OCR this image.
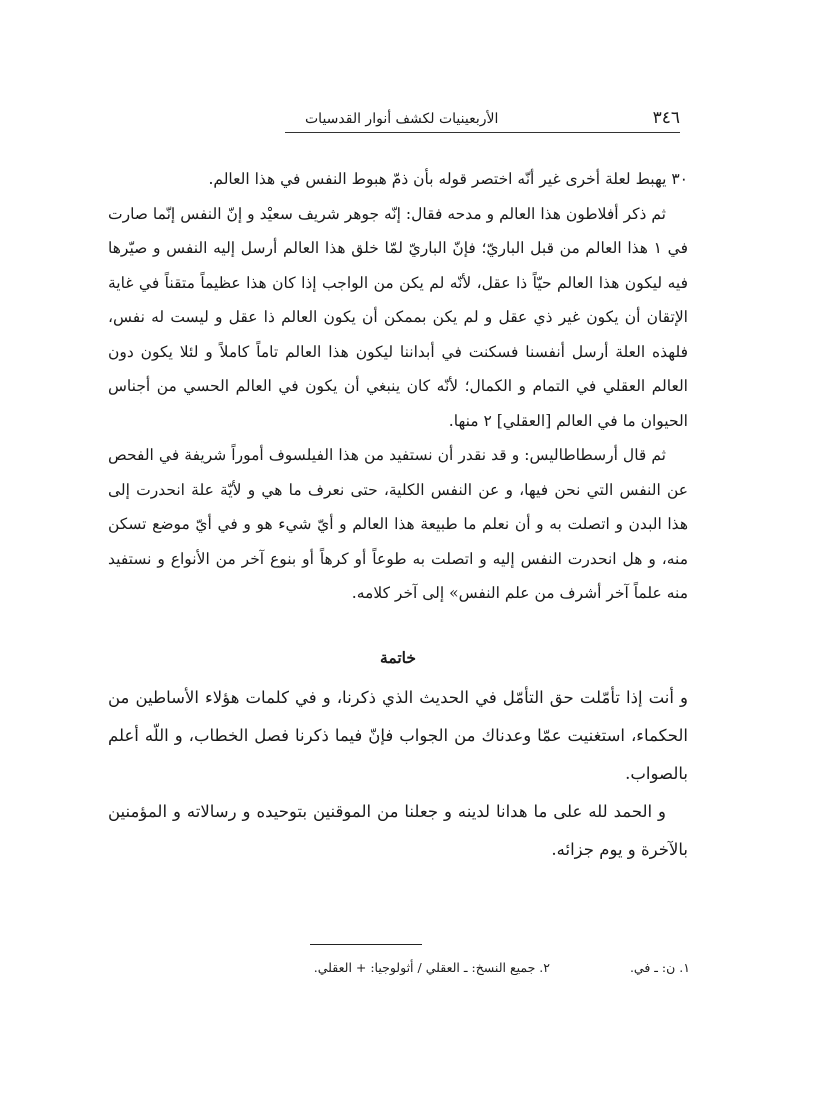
٣٤٦
الأربعينيات لكشف أنوار القدسيات

٣٠ يهبط لعلة أخرى غير أنّه اختصر قوله بأن ذمّ هبوط النفس في هذا العالم.

ثم ذكر أفلاطون هذا العالم و مدحه فقال: إنّه جوهر شريف سعيْد و إنّ النفس إنّما صارت في ١ هذا العالم من قبل الباريّ؛ فإنّ الباريّ لمّا خلق هذا العالم أرسل إليه النفس و صيّرها فيه ليكون هذا العالم حيّاً ذا عقل، لأنّه لم يكن من الواجب إذا كان هذا عظيماً متقناً في غاية الإتقان أن يكون غير ذي عقل و لم يكن بممكن أن يكون العالم ذا عقل و ليست له نفس، فلهذه العلة أرسل أنفسنا فسكنت في أبداننا ليكون هذا العالم تاماً كاملاً و لئلا يكون دون العالم العقلي في التمام و الكمال؛ لأنّه كان ينبغي أن يكون في العالم الحسي من أجناس الحيوان ما في العالم [العقلي] ٢ منها.

ثم قال أرسطاطاليس: و قد نقدر أن نستفيد من هذا الفيلسوف أموراً شريفة في الفحص عن النفس التي نحن فيها، و عن النفس الكلية، حتى نعرف ما هي و لأيّة علة انحدرت إلى هذا البدن و اتصلت به و أن نعلم ما طبيعة هذا العالم و أيّ شيء هو و في أيّ موضع تسكن منه، و هل انحدرت النفس إليه و اتصلت به طوعاً أو كرهاً أو بنوع آخر من الأنواع و نستفيد منه علماً آخر أشرف من علم النفس» إلى آخر كلامه.

خاتمة

و أنت إذا تأمّلت حق التأمّل في الحديث الذي ذكرنا، و في كلمات هؤلاء الأساطين من الحكماء، استغنيت عمّا وعدناك من الجواب فإنّ فيما ذكرنا فصل الخطاب، و اللّه أعلم بالصواب.

و الحمد لله على ما هدانا لدينه و جعلنا من الموقنين بتوحيده و رسالاته و المؤمنين بالآخرة و يوم جزائه.

١. ن: ـ في.
٢. جميع النسخ: ـ العقلي / أثولوجيا: + العقلي.
